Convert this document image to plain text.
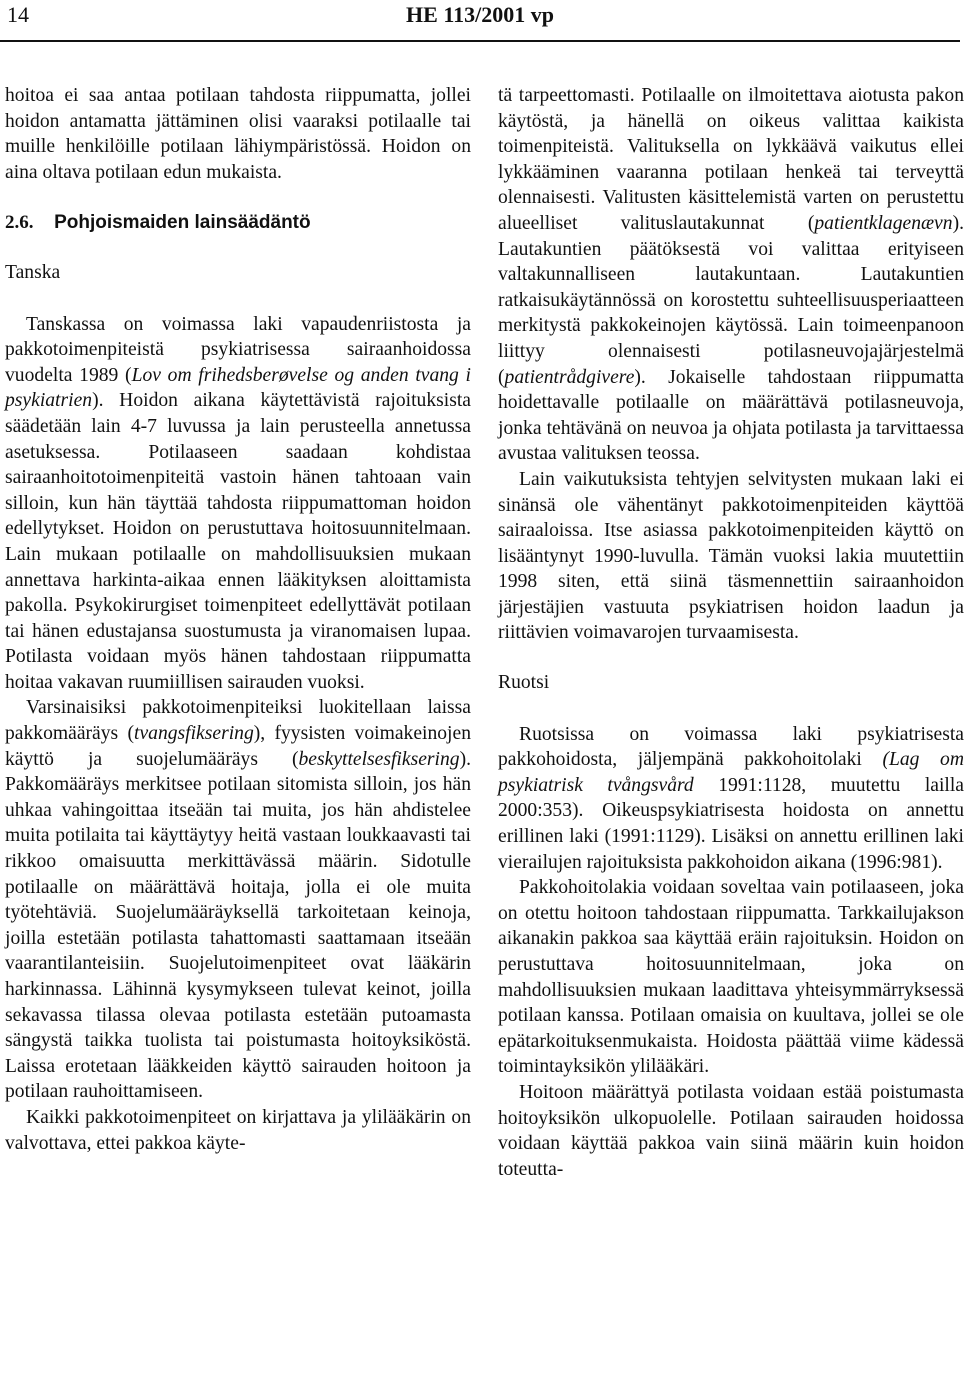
14	HE 113/2001 vp

hoitoa ei saa antaa potilaan tahdosta riippumatta, jollei hoidon antamatta jättäminen olisi vaaraksi potilaalle tai muille henkilöille potilaan lähiympäristössä. Hoidon on aina oltava potilaan edun mukaista.

2.6. Pohjoismaiden lainsäädäntö

Tanska

Tanskassa on voimassa laki vapaudenriistosta ja pakkotoimenpiteistä psykiatrisessa sairaanhoidossa vuodelta 1989 (Lov om frihedsberøvelse og anden tvang i psykiatrien). Hoidon aikana käytettävistä rajoituksista säädetään lain 4-7 luvussa ja lain perusteella annetussa asetuksessa. Potilaaseen saadaan kohdistaa sairaanhoitotoimenpiteitä vastoin hänen tahtoaan vain silloin, kun hän täyttää tahdosta riippumattoman hoidon edellytykset. Hoidon on perustuttava hoitosuunnitelmaan. Lain mukaan potilaalle on mahdollisuuksien mukaan annettava harkinta-aikaa ennen lääkityksen aloittamista pakolla. Psykokirurgiset toimenpiteet edellyttävät potilaan tai hänen edustajansa suostumusta ja viranomaisen lupaa. Potilasta voidaan myös hänen tahdostaan riippumatta hoitaa vakavan ruumiillisen sairauden vuoksi.

Varsinaisiksi pakkotoimenpiteiksi luokitellaan laissa pakkomääräys (tvangsfiksering), fyysisten voimakeinojen käyttö ja suojelumääräys (beskyttelsesfiksering). Pakkomääräys merkitsee potilaan sitomista silloin, jos hän uhkaa vahingoittaa itseään tai muita, jos hän ahdistelee muita potilaita tai käyttäytyy heitä vastaan loukkaavasti tai rikkoo omaisuutta merkittävässä määrin. Sidotulle potilaalle on määrättävä hoitaja, jolla ei ole muita työtehtäviä. Suojelumääräyksellä tarkoitetaan keinoja, joilla estetään potilasta tahattomasti saattamaan itseään vaarantilanteisiin. Suojelutoimenpiteet ovat lääkärin harkinnassa. Lähinnä kysymykseen tulevat keinot, joilla sekavassa tilassa olevaa potilasta estetään putoamasta sängystä taikka tuolista tai poistumasta hoitoyksiköstä. Laissa erotetaan lääkkeiden käyttö sairauden hoitoon ja potilaan rauhoittamiseen.

Kaikki pakkotoimenpiteet on kirjattava ja ylilääkärin on valvottava, ettei pakkoa käyte-

tä tarpeettomasti. Potilaalle on ilmoitettava aiotusta pakon käytöstä, ja hänellä on oikeus valittaa kaikista toimenpiteistä. Valituksella on lykkäävä vaikutus ellei lykkääminen vaaranna potilaan henkeä tai terveyttä olennaisesti. Valitusten käsittelemistä varten on perustettu alueelliset valituslautakunnat (patientklagenævn). Lautakuntien päätöksestä voi valittaa erityiseen valtakunnalliseen lautakuntaan. Lautakuntien ratkaisukäytännössä on korostettu suhteellisuusperiaatteen merkitystä pakkokeinojen käytössä. Lain toimeenpanoon liittyy olennaisesti potilasneuvojajärjestelmä (patientrådgivere). Jokaiselle tahdostaan riippumatta hoidettavalle potilaalle on määrättävä potilasneuvoja, jonka tehtävänä on neuvoa ja ohjata potilasta ja tarvittaessa avustaa valituksen teossa.

Lain vaikutuksista tehtyjen selvitysten mukaan laki ei sinänsä ole vähentänyt pakkotoimenpiteiden käyttöä sairaaloissa. Itse asiassa pakkotoimenpiteiden käyttö on lisääntynyt 1990-luvulla. Tämän vuoksi lakia muutettiin 1998 siten, että siinä täsmennettiin sairaanhoidon järjestäjien vastuuta psykiatrisen hoidon laadun ja riittävien voimavarojen turvaamisesta.

Ruotsi

Ruotsissa on voimassa laki psykiatrisesta pakkohoidosta, jäljempänä pakkohoitolaki (Lag om psykiatrisk tvångsvård 1991:1128, muutettu lailla 2000:353). Oikeuspsykiatrisesta hoidosta on annettu erillinen laki (1991:1129). Lisäksi on annettu erillinen laki vierailujen rajoituksista pakkohoidon aikana (1996:981).

Pakkohoitolakia voidaan soveltaa vain potilaaseen, joka on otettu hoitoon tahdostaan riippumatta. Tarkkailujakson aikanakin pakkoa saa käyttää eräin rajoituksin. Hoidon on perustuttava hoitosuunnitelmaan, joka on mahdollisuuksien mukaan laadittava yhteisymmärryksessä potilaan kanssa. Potilaan omaisia on kuultava, jollei se ole epätarkoituksenmukaista. Hoidosta päättää viime kädessä toimintayksikön ylilääkäri.

Hoitoon määrättyä potilasta voidaan estää poistumasta hoitoyksikön ulkopuolelle. Potilaan sairauden hoidossa voidaan käyttää pakkoa vain siinä määrin kuin hoidon toteutta-
